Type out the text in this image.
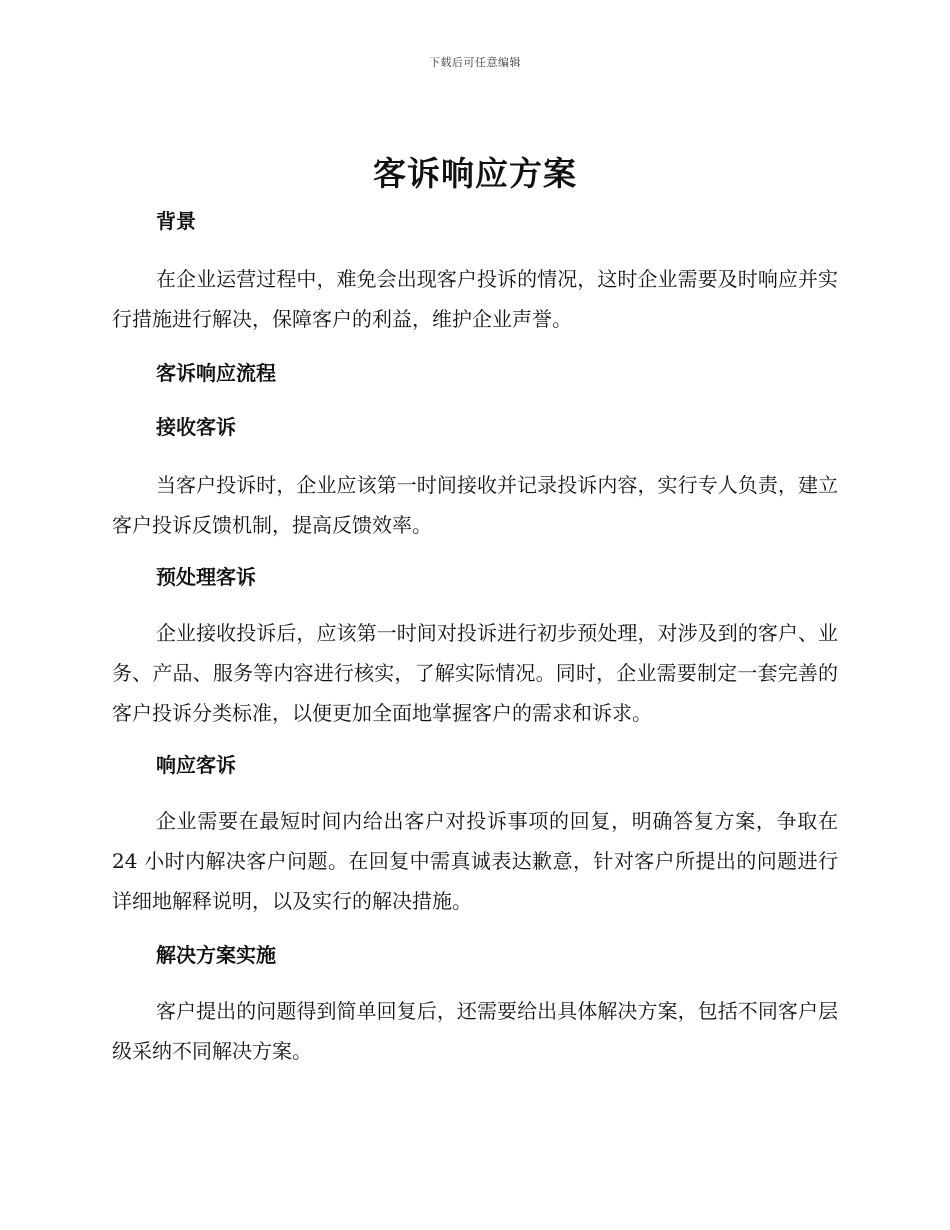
下载后可任意编辑
客诉响应方案

背景

在企业运营过程中，难免会出现客户投诉的情况，这时企业需要及时响应并实行措施进行解决，保障客户的利益，维护企业声誉。

客诉响应流程

接收客诉

当客户投诉时，企业应该第一时间接收并记录投诉内容，实行专人负责，建立客户投诉反馈机制，提高反馈效率。

预处理客诉

企业接收投诉后，应该第一时间对投诉进行初步预处理，对涉及到的客户、业务、产品、服务等内容进行核实，了解实际情况。同时，企业需要制定一套完善的客户投诉分类标准，以便更加全面地掌握客户的需求和诉求。

响应客诉

企业需要在最短时间内给出客户对投诉事项的回复，明确答复方案，争取在 24 小时内解决客户问题。在回复中需真诚表达歉意，针对客户所提出的问题进行详细地解释说明，以及实行的解决措施。

解决方案实施

客户提出的问题得到简单回复后，还需要给出具体解决方案，包括不同客户层级采纳不同解决方案。
